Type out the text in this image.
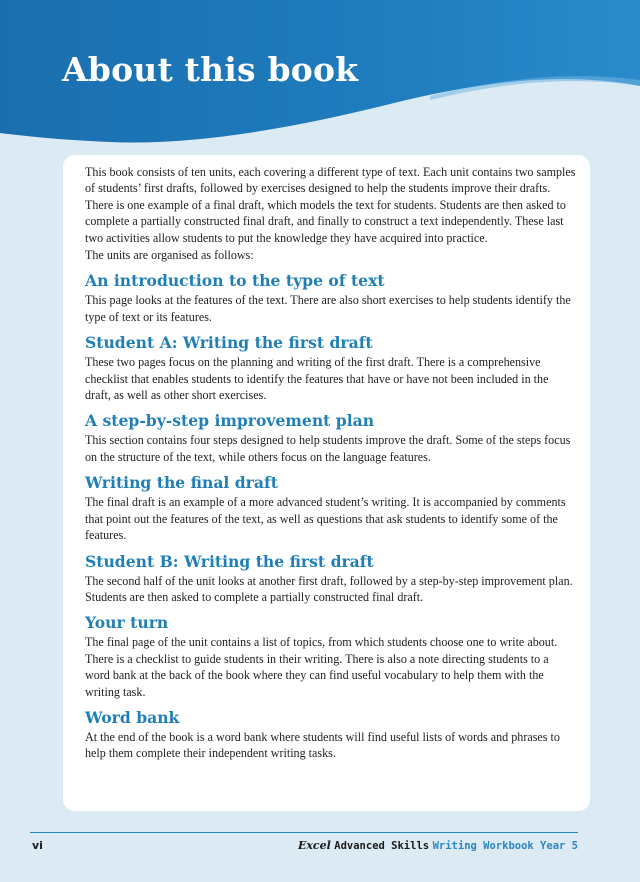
About this book

This book consists of ten units, each covering a different type of text. Each unit contains two samples of students’ first drafts, followed by exercises designed to help the students improve their drafts. There is one example of a final draft, which models the text for students. Students are then asked to complete a partially constructed final draft, and finally to construct a text independently. These last two activities allow students to put the knowledge they have acquired into practice.

The units are organised as follows:

An introduction to the type of text

This page looks at the features of the text. There are also short exercises to help students identify the type of text or its features.

Student A: Writing the first draft

These two pages focus on the planning and writing of the first draft. There is a comprehensive checklist that enables students to identify the features that have or have not been included in the draft, as well as other short exercises.

A step-by-step improvement plan

This section contains four steps designed to help students improve the draft. Some of the steps focus on the structure of the text, while others focus on the language features.

Writing the final draft

The final draft is an example of a more advanced student’s writing. It is accompanied by comments that point out the features of the text, as well as questions that ask students to identify some of the features.

Student B: Writing the first draft

The second half of the unit looks at another first draft, followed by a step-by-step improvement plan. Students are then asked to complete a partially constructed final draft.

Your turn

The final page of the unit contains a list of topics, from which students choose one to write about. There is a checklist to guide students in their writing. There is also a note directing students to a word bank at the back of the book where they can find useful vocabulary to help them with the writing task.

Word bank

At the end of the book is a word bank where students will find useful lists of words and phrases to help them complete their independent writing tasks.

vi	Excel Advanced Skills Writing Workbook Year 5
